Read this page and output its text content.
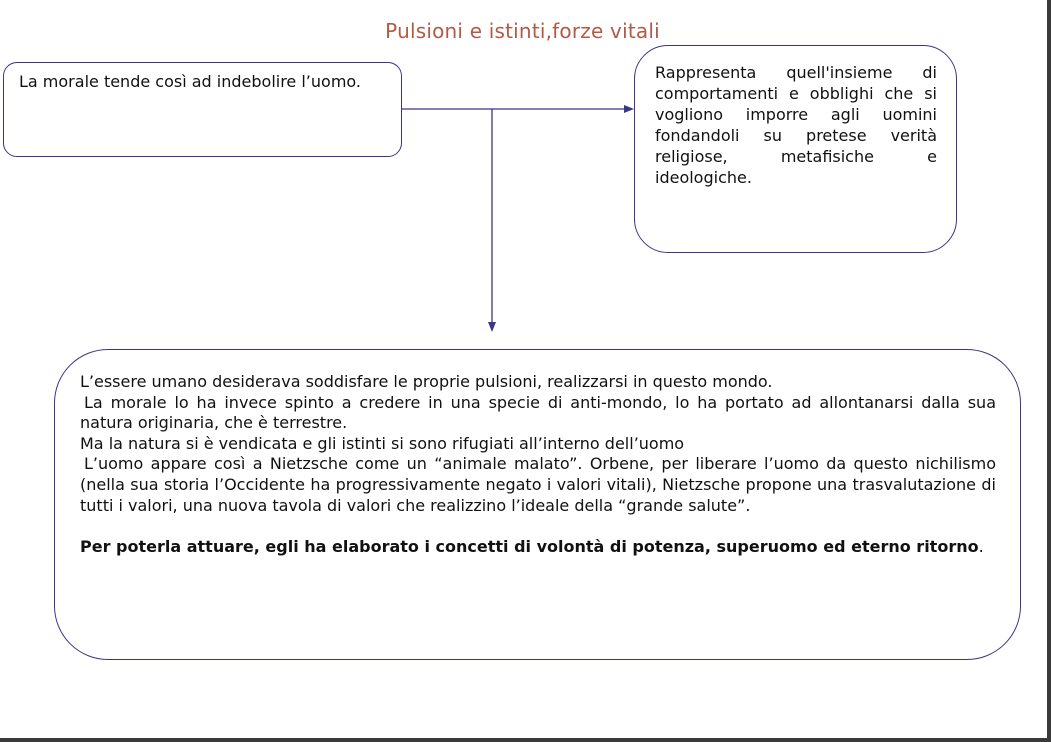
Pulsioni e istinti,forze vitali

La morale tende così ad indebolire l’uomo.	Rappresenta quell'insieme di comportamenti e obblighi che si vogliono imporre agli uomini fondandoli su pretese verità religiose, metafisiche e ideologiche.

L’essere umano desiderava soddisfare le proprie pulsioni, realizzarsi in questo mondo.

La morale lo ha invece spinto a credere in una specie di anti-mondo, lo ha portato ad allontanarsi dalla sua natura originaria, che è terrestre.

Ma la natura si è vendicata e gli istinti si sono rifugiati all’interno dell’uomo

L’uomo appare così a Nietzsche come un “animale malato”. Orbene, per liberare l’uomo da questo nichilismo (nella sua storia l’Occidente ha progressivamente negato i valori vitali), Nietzsche propone una trasvalutazione di tutti i valori, una nuova tavola di valori che realizzino l’ideale della “grande salute”.

Per poterla attuare, egli ha elaborato i concetti di volontà di potenza, superuomo ed eterno ritorno.
